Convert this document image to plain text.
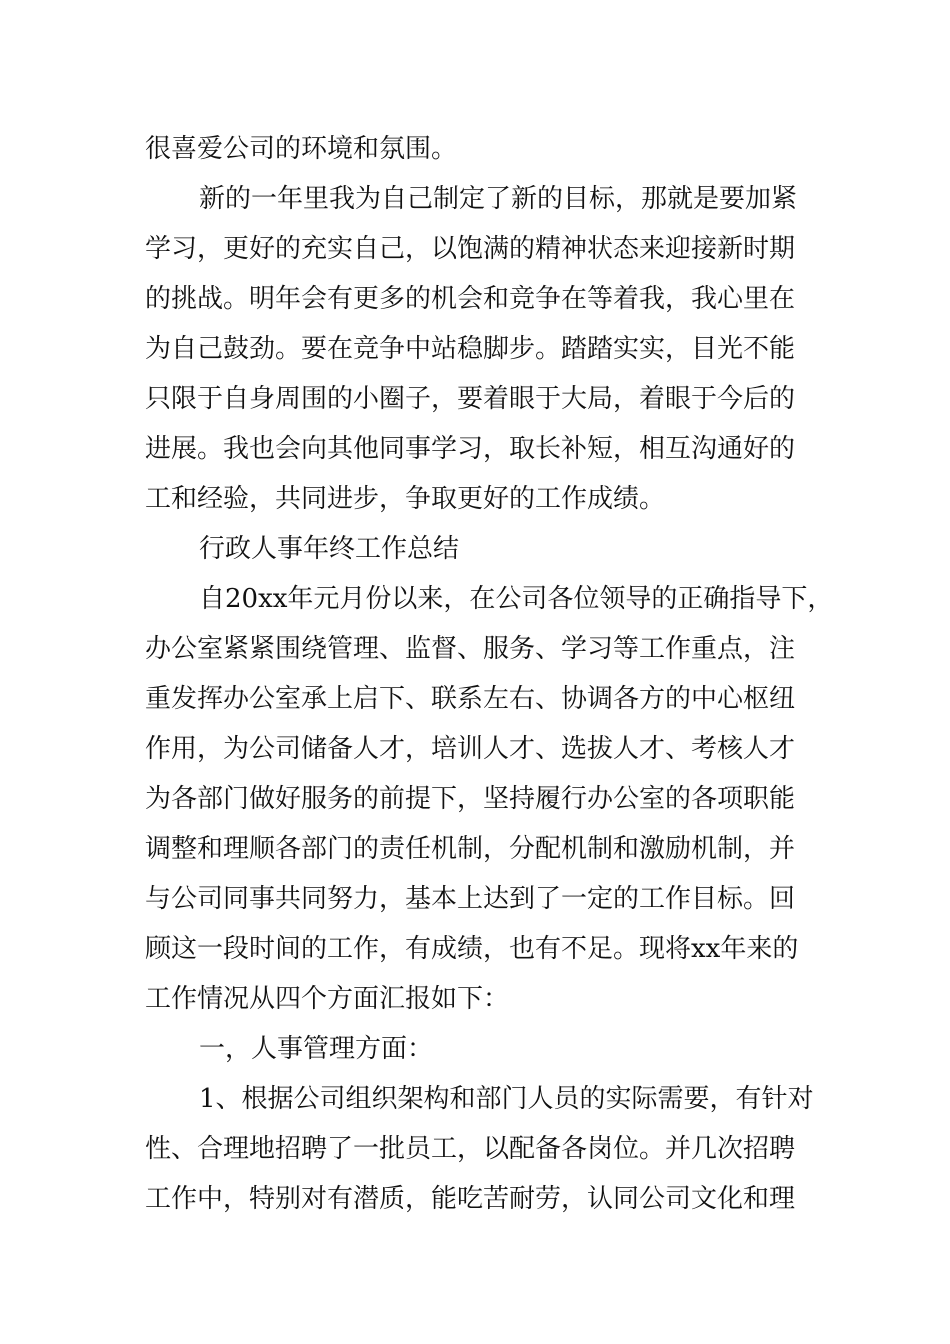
很喜爱公司的环境和氛围。
新的一年里我为自己制定了新的目标，那就是要加紧
学习，更好的充实自己，以饱满的精神状态来迎接新时期
的挑战。明年会有更多的机会和竞争在等着我，我心里在
为自己鼓劲。要在竞争中站稳脚步。踏踏实实，目光不能
只限于自身周围的小圈子，要着眼于大局，着眼于今后的
进展。我也会向其他同事学习，取长补短，相互沟通好的
工和经验，共同进步，争取更好的工作成绩。
行政人事年终工作总结
自20xx年元月份以来，在公司各位领导的正确指导下，
办公室紧紧围绕管理、监督、服务、学习等工作重点，注
重发挥办公室承上启下、联系左右、协调各方的中心枢纽
作用，为公司储备人才，培训人才、选拔人才、考核人才
为各部门做好服务的前提下，坚持履行办公室的各项职能
调整和理顺各部门的责任机制，分配机制和激励机制，并
与公司同事共同努力，基本上达到了一定的工作目标。回
顾这一段时间的工作，有成绩，也有不足。现将xx年来的
工作情况从四个方面汇报如下：
一，人事管理方面：
1、根据公司组织架构和部门人员的实际需要，有针对
性、合理地招聘了一批员工，以配备各岗位。并几次招聘
工作中，特别对有潜质，能吃苦耐劳，认同公司文化和理
